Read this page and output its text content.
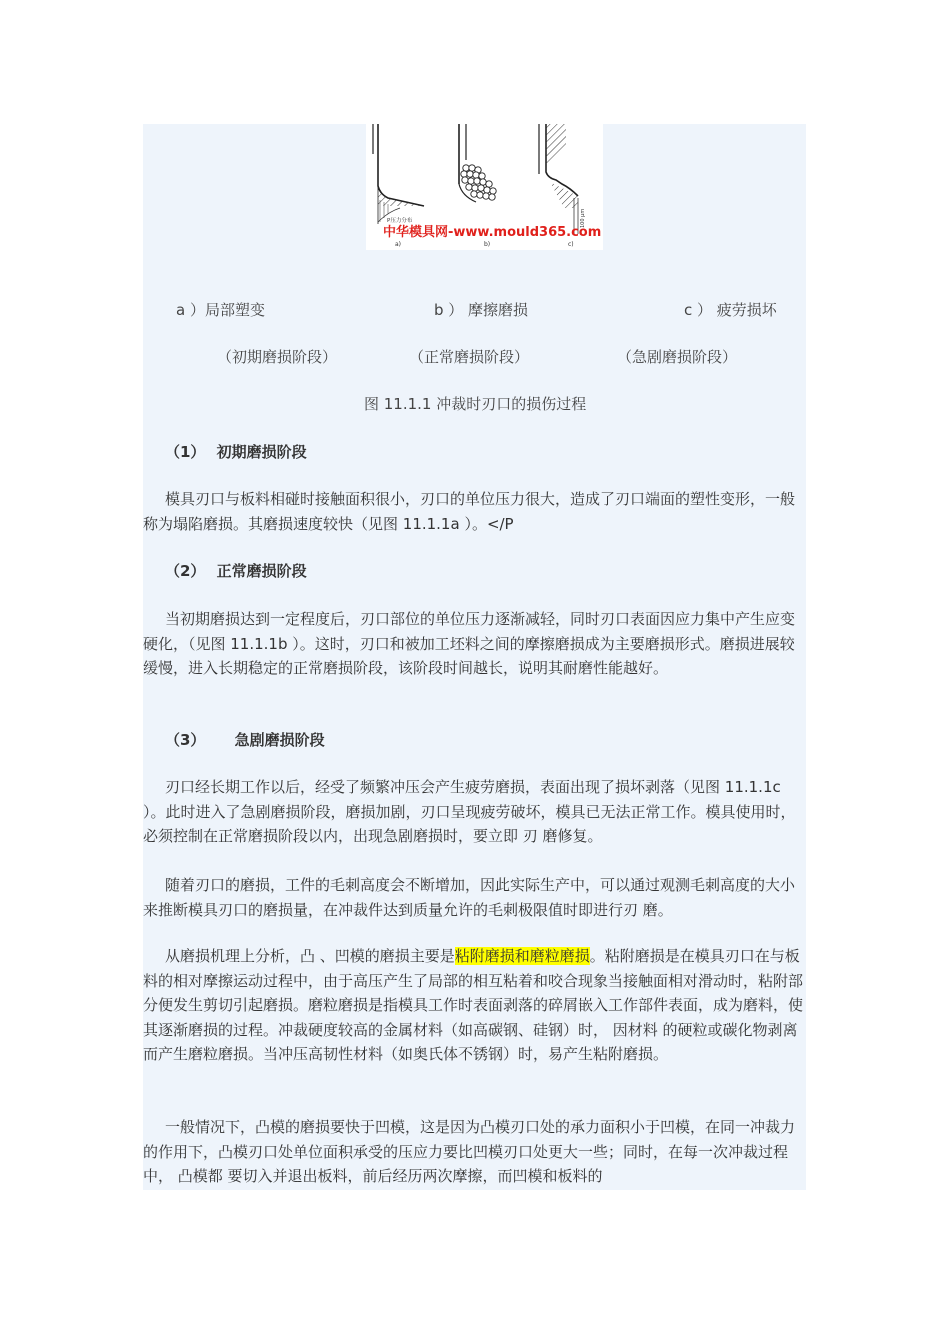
P压力分布	100 μm
中华模具网-www.mould365.com
a)	b)	c)
a ）局部塑变	b ） 摩擦磨损	c ） 疲劳损坏
（初期磨损阶段）	（正常磨损阶段）	（急剧磨损阶段）
图 11.1.1 冲裁时刃口的损伤过程
（1） 初期磨损阶段

模具刃口与板料相碰时接触面积很小，刃口的单位压力很大，造成了刃口端面的塑性变形，一般称为塌陷磨损。其磨损速度较快（见图 11.1.1a ）。</P

（2） 正常磨损阶段

当初期磨损达到一定程度后，刃口部位的单位压力逐渐减轻，同时刃口表面因应力集中产生应变硬化，（见图 11.1.1b ）。这时，刃口和被加工坯料之间的摩擦磨损成为主要磨损形式。磨损进展较缓慢，进入长期稳定的正常磨损阶段，该阶段时间越长，说明其耐磨性能越好。

（3） 急剧磨损阶段

刃口经长期工作以后，经受了频繁冲压会产生疲劳磨损，表面出现了损坏剥落（见图 11.1.1c ）。此时进入了急剧磨损阶段，磨损加剧，刃口呈现疲劳破坏，模具已无法正常工作。模具使用时，必须控制在正常磨损阶段以内，出现急剧磨损时，要立即 刃 磨修复。

随着刃口的磨损，工件的毛刺高度会不断增加，因此实际生产中，可以通过观测毛刺高度的大小来推断模具刃口的磨损量，在冲裁件达到质量允许的毛刺极限值时即进行刃 磨。

从磨损机理上分析，凸 、凹模的磨损主要是粘附磨损和磨粒磨损。粘附磨损是在模具刃口在与板料的相对摩擦运动过程中，由于高压产生了局部的相互粘着和咬合现象当接触面相对滑动时，粘附部分便发生剪切引起磨损。磨粒磨损是指模具工作时表面剥落的碎屑嵌入工作部件表面，成为磨料，使其逐渐磨损的过程。冲裁硬度较高的金属材料（如高碳钢、硅钢）时， 因材料 的硬粒或碳化物剥离而产生磨粒磨损。当冲压高韧性材料（如奥氏体不锈钢）时，易产生粘附磨损。

一般情况下，凸模的磨损要快于凹模，这是因为凸模刃口处的承力面积小于凹模，在同一冲裁力的作用下，凸模刃口处单位面积承受的压应力要比凹模刃口处更大一些；同时，在每一次冲裁过程中， 凸模都 要切入并退出板料，前后经历两次摩擦，而凹模和板料的
